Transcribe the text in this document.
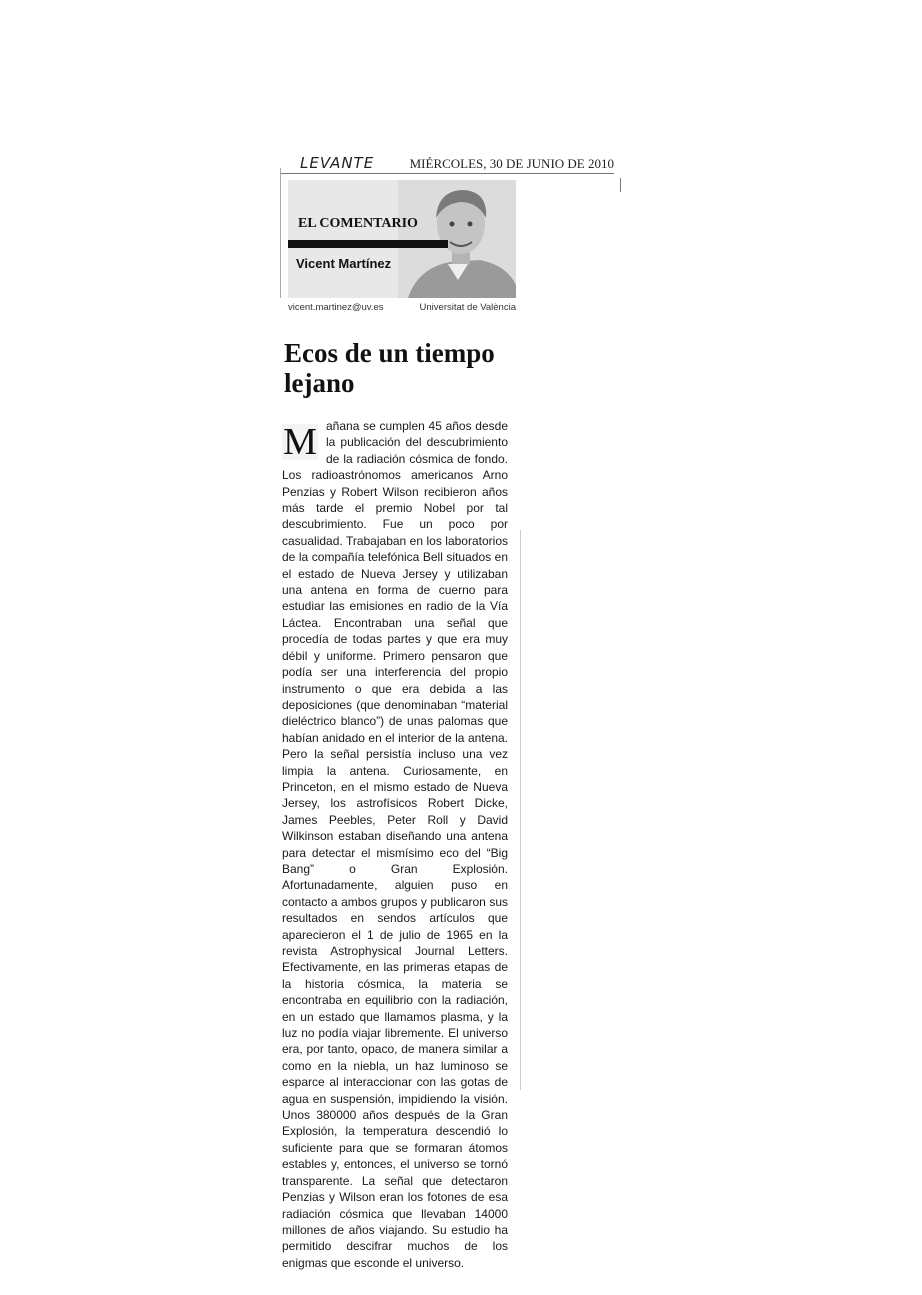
LEVANTE	MIÉRCOLES, 30 DE JUNIO DE 2010
EL COMENTARIO
Vicent Martínez
vicent.martinez@uv.es	Universitat de València
Ecos de un tiempo lejano

M añana se cumplen 45 años desde la publicación del descubrimiento de la radiación cósmica de fondo. Los radioastrónomos americanos Arno Penzias y Robert Wilson recibieron años más tarde el premio Nobel por tal descubrimiento. Fue un poco por casualidad. Trabajaban en los laboratorios de la compañía telefónica Bell situados en el estado de Nueva Jersey y utilizaban una antena en forma de cuerno para estudiar las emisiones en radio de la Vía Láctea. Encontraban una señal que procedía de todas partes y que era muy débil y uniforme. Primero pensaron que podía ser una interferencia del propio instrumento o que era debida a las deposiciones (que denominaban “material dieléctrico blanco”) de unas palomas que habían anidado en el interior de la antena. Pero la señal persistía incluso una vez limpia la antena. Curiosamente, en Princeton, en el mismo estado de Nueva Jersey, los astrofísicos Robert Dicke, James Peebles, Peter Roll y David Wilkinson estaban diseñando una antena para detectar el mismísimo eco del “Big Bang” o Gran Explosión. Afortunadamente, alguien puso en contacto a ambos grupos y publicaron sus resultados en sendos artículos que aparecieron el 1 de julio de 1965 en la revista Astrophysical Journal Letters. Efectivamente, en las primeras etapas de la historia cósmica, la materia se encontraba en equilibrio con la radiación, en un estado que llamamos plasma, y la luz no podía viajar libremente. El universo era, por tanto, opaco, de manera similar a como en la niebla, un haz luminoso se esparce al interaccionar con las gotas de agua en suspensión, impidiendo la visión. Unos 380000 años después de la Gran Explosión, la temperatura descendió lo suficiente para que se formaran átomos estables y, entonces, el universo se tornó transparente. La señal que detectaron Penzias y Wilson eran los fotones de esa radiación cósmica que llevaban 14000 millones de años viajando. Su estudio ha permitido descifrar muchos de los enigmas que esconde el universo.
